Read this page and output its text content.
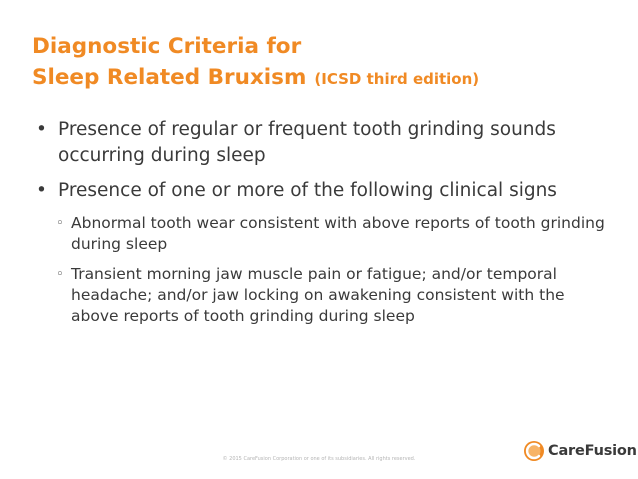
Diagnostic Criteria for
Sleep Related Bruxism (ICSD third edition)
• Presence of regular or frequent tooth grinding sounds occurring during sleep
• Presence of one or more of the following clinical signs
◦ Abnormal tooth wear consistent with above reports of tooth grinding during sleep
◦ Transient morning jaw muscle pain or fatigue; and/or temporal headache; and/or jaw locking on awakening consistent with the above reports of tooth grinding during sleep
© 2015 CareFusion Corporation or one of its subsidiaries. All rights reserved.	CareFusion
